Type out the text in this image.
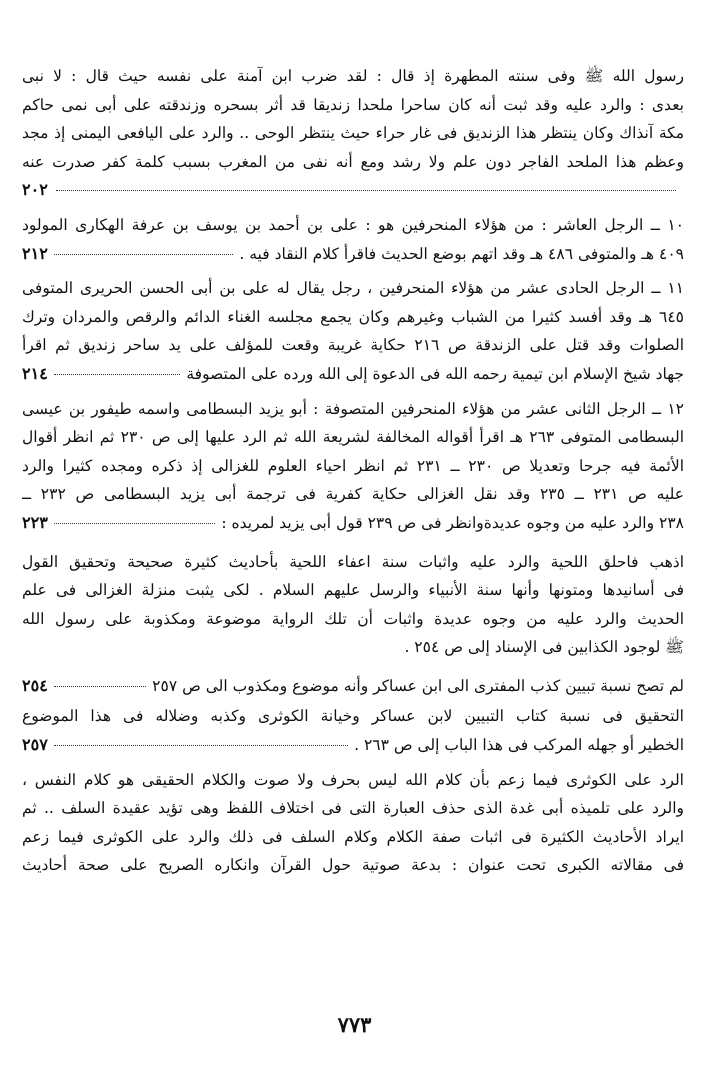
رسول الله ﷺ وفى سنته المطهرة إذ قال : لقد ضرب ابن آمنة على نفسه حيث قال : لا نبى
بعدى : والرد عليه وقد ثبت أنه كان ساحرا ملحدا زنديقا قد أثر بسحره وزندقته على أبى نمى حاكم
مكة آنذاك وكان ينتظر هذا الزنديق فى غار حراء حيث ينتظر الوحى .. والرد على اليافعى اليمنى إذ مجد
وعظم هذا الملحد الفاجر دون علم ولا رشد ومع أنه نفى من المغرب بسبب كلمة كفر صدرت عنه
٢٠٢
١٠ ــ الرجل العاشر : من هؤلاء المنحرفين هو : على بن أحمد بن يوسف بن عرفة الهكارى المولود
٤٠٩ هـ والمتوفى ٤٨٦ هـ وقد اتهم بوضع الحديث فاقرأ كلام النقاد فيه .
٢١٢
١١ ــ الرجل الحادى عشر من هؤلاء المنحرفين ، رجل يقال له على بن أبى الحسن الحريرى المتوفى
٦٤٥ هـ وقد أفسد كثيرا من الشباب وغيرهم وكان يجمع مجلسه الغناء الدائم والرقص والمردان وترك
الصلوات وقد قتل على الزندقة ص ٢١٦ حكاية غريبة وقعت للمؤلف على يد ساحر زنديق ثم اقرأ
جهاد شيخ الإسلام ابن تيمية رحمه الله فى الدعوة إلى الله ورده على المتصوفة
٢١٤
١٢ ــ الرجل الثانى عشر من هؤلاء المنحرفين المتصوفة : أبو يزيد البسطامى واسمه طيفور بن عيسى
البسطامى المتوفى ٢٦٣ هـ اقرأ أقواله المخالفة لشريعة الله ثم الرد عليها إلى ص ٢٣٠ ثم انظر أقوال
الأئمة فيه جرحا وتعديلا ص ٢٣٠ ــ ٢٣١ ثم انظر احياء العلوم للغزالى إذ ذكره ومجده كثيرا والرد
عليه ص ٢٣١ ــ ٢٣٥ وقد نقل الغزالى حكاية كفرية فى ترجمة أبى يزيد البسطامى ص ٢٣٢ ــ
٢٣٨ والرد عليه من وجوه عديدةوانظر فى ص ٢٣٩ قول أبى يزيد لمريده :
٢٢٣
اذهب فاحلق اللحية والرد عليه واثبات سنة اعفاء اللحية بأحاديث كثيرة صحيحة وتحقيق القول
فى أسانيدها ومتونها وأنها سنة الأنبياء والرسل عليهم السلام . لكى يثبت منزلة الغزالى فى علم
الحديث والرد عليه من وجوه عديدة واثبات أن تلك الرواية موضوعة ومكذوبة على رسول الله
ﷺ لوجود الكذابين فى الإسناد إلى ص ٢٥٤ .
لم تصح نسبة تبيين كذب المفترى الى ابن عساكر وأنه موضوع ومكذوب الى ص ٢٥٧
٢٥٤
التحقيق فى نسبة كتاب التبيين لابن عساكر وخيانة الكوثرى وكذبه وضلاله فى هذا الموضوع
الخطير أو جهله المركب فى هذا الباب إلى ص ٢٦٣ .
٢٥٧
الرد على الكوثرى فيما زعم بأن كلام الله ليس بحرف ولا صوت والكلام الحقيقى هو كلام النفس ،
والرد على تلميذه أبى غدة الذى حذف العبارة التى فى اختلاف اللفظ وهى تؤيد عقيدة السلف .. ثم
ايراد الأحاديث الكثيرة فى اثبات صفة الكلام وكلام السلف فى ذلك والرد على الكوثرى فيما زعم
فى مقالاته الكبرى تحت عنوان : بدعة صوتية حول القرآن وانكاره الصريح على صحة أحاديث
٧٧٣
